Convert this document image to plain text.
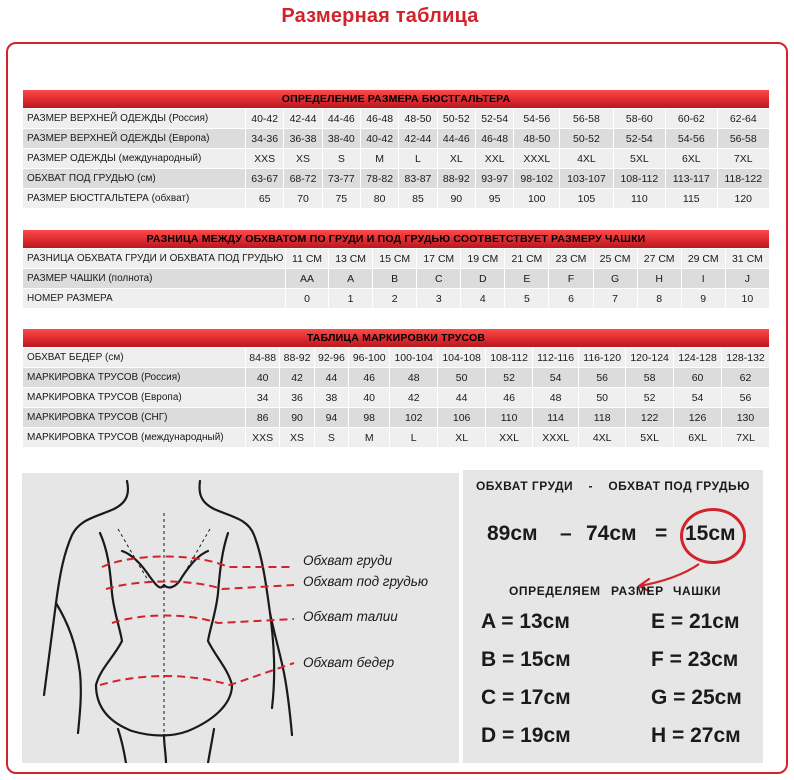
Размерная таблица
ОПРЕДЕЛЕНИЕ РАЗМЕРА БЮСТГАЛЬТЕРА												
РАЗМЕР ВЕРХНЕЙ ОДЕЖДЫ (Россия)	40-42	42-44	44-46	46-48	48-50	50-52	52-54	54-56	56-58	58-60	60-62	62-64
РАЗМЕР ВЕРХНЕЙ ОДЕЖДЫ (Европа)	34-36	36-38	38-40	40-42	42-44	44-46	46-48	48-50	50-52	52-54	54-56	56-58
РАЗМЕР ОДЕЖДЫ (международный)	XXS	XS	S	M	L	XL	XXL	XXXL	4XL	5XL	6XL	7XL
ОБХВАТ ПОД ГРУДЬЮ (см)	63-67	68-72	73-77	78-82	83-87	88-92	93-97	98-102	103-107	108-112	113-117	118-122
РАЗМЕР БЮСТГАЛЬТЕРА (обхват)	65	70	75	80	85	90	95	100	105	110	115	120
РАЗНИЦА МЕЖДУ ОБХВАТОМ ПО ГРУДИ И ПОД ГРУДЬЮ СООТВЕТСТВУЕТ РАЗМЕРУ ЧАШКИ											
РАЗНИЦА ОБХВАТА ГРУДИ И ОБХВАТА ПОД ГРУДЬЮ	11 СМ	13 СМ	15 СМ	17 СМ	19 СМ	21 СМ	23 СМ	25 СМ	27 СМ	29 СМ	31 СМ
РАЗМЕР ЧАШКИ (полнота)	AA	A	B	C	D	E	F	G	H	I	J
НОМЕР РАЗМЕРА	0	1	2	3	4	5	6	7	8	9	10
ТАБЛИЦА МАРКИРОВКИ ТРУСОВ												
ОБХВАТ БЕДЕР (см)	84-88	88-92	92-96	96-100	100-104	104-108	108-112	112-116	116-120	120-124	124-128	128-132
МАРКИРОВКА ТРУСОВ (Россия)	40	42	44	46	48	50	52	54	56	58	60	62
МАРКИРОВКА ТРУСОВ (Европа)	34	36	38	40	42	44	46	48	50	52	54	56
МАРКИРОВКА ТРУСОВ (СНГ)	86	90	94	98	102	106	110	114	118	122	126	130
МАРКИРОВКА ТРУСОВ (международный)	XXS	XS	S	M	L	XL	XXL	XXXL	4XL	5XL	6XL	7XL
Обхват груди
Обхват под грудью
Обхват талии
Обхват бедер
ОБХВАТ ГРУДИ - ОБХВАТ ПОД ГРУДЬЮ
89см – 74см = 15см
ОПРЕДЕЛЯЕМ РАЗМЕР ЧАШКИ
A = 13см	E = 21см
B = 15см	F = 23см
C = 17см	G = 25см
D = 19см	H = 27см
